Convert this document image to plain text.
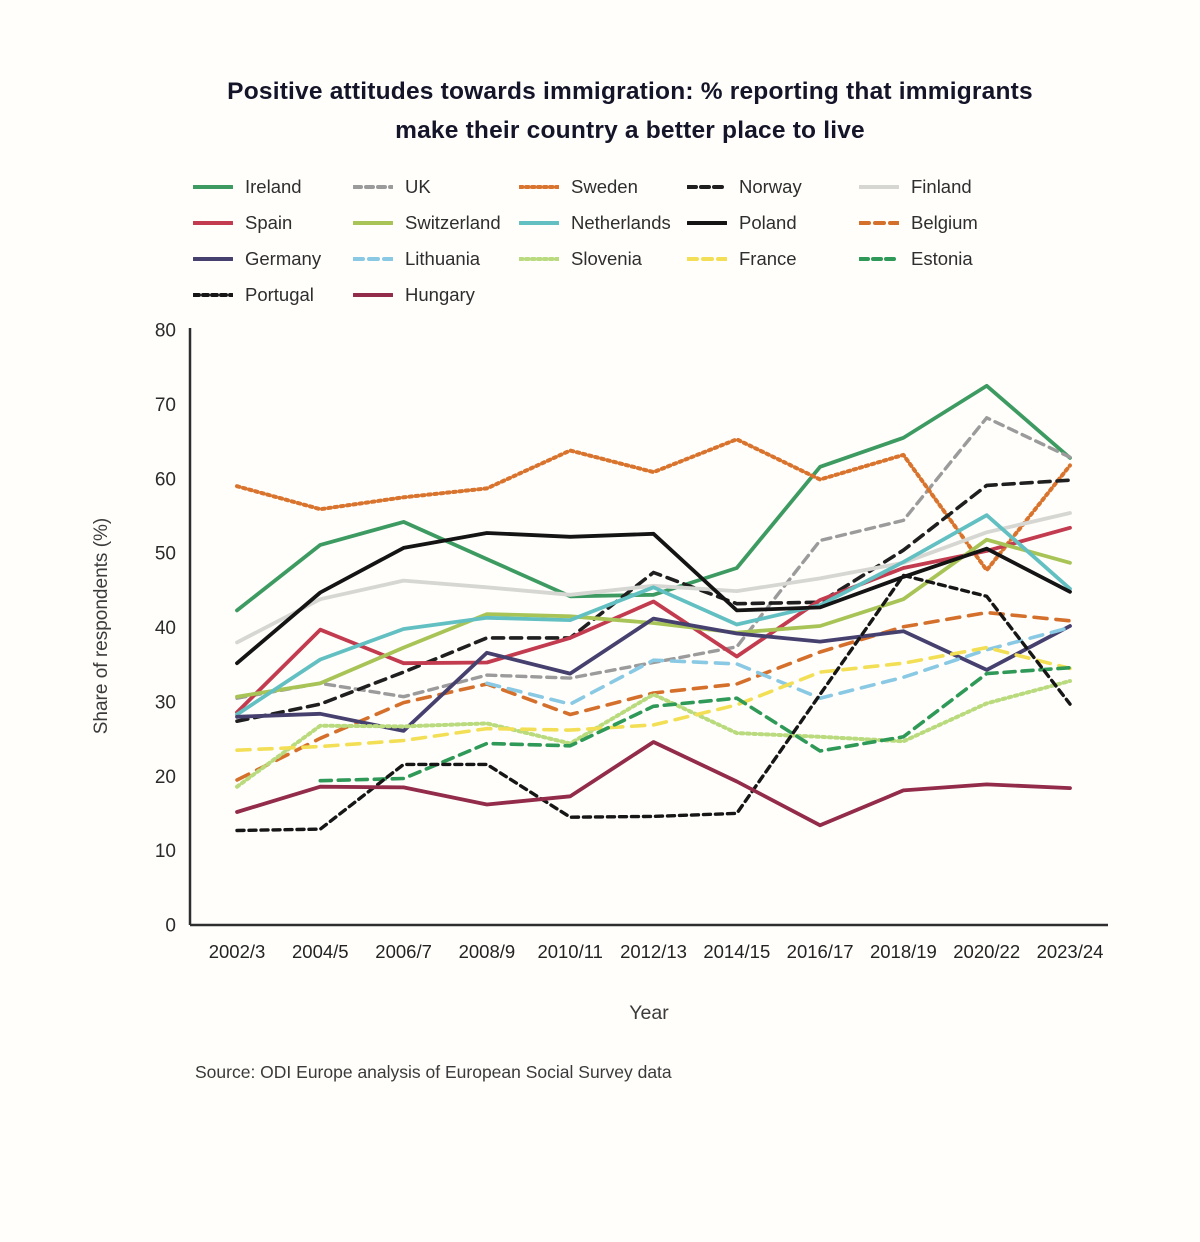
Positive attitudes towards immigration: % reporting that immigrants
make their country a better place to live
Ireland	UK	Sweden	Norway	Finland
Spain	Switzerland	Netherlands	Poland	Belgium
Germany	Lithuania	Slovenia	France	Estonia
Portugal	Hungary
0
10
20
30
40
50
60
70
80
2002/3 2004/5 2006/7 2008/9 2010/11 2012/13 2014/15 2016/17 2018/19 2020/22 2023/24
Share of respondents (%)
Year
Source: ODI Europe analysis of European Social Survey data
